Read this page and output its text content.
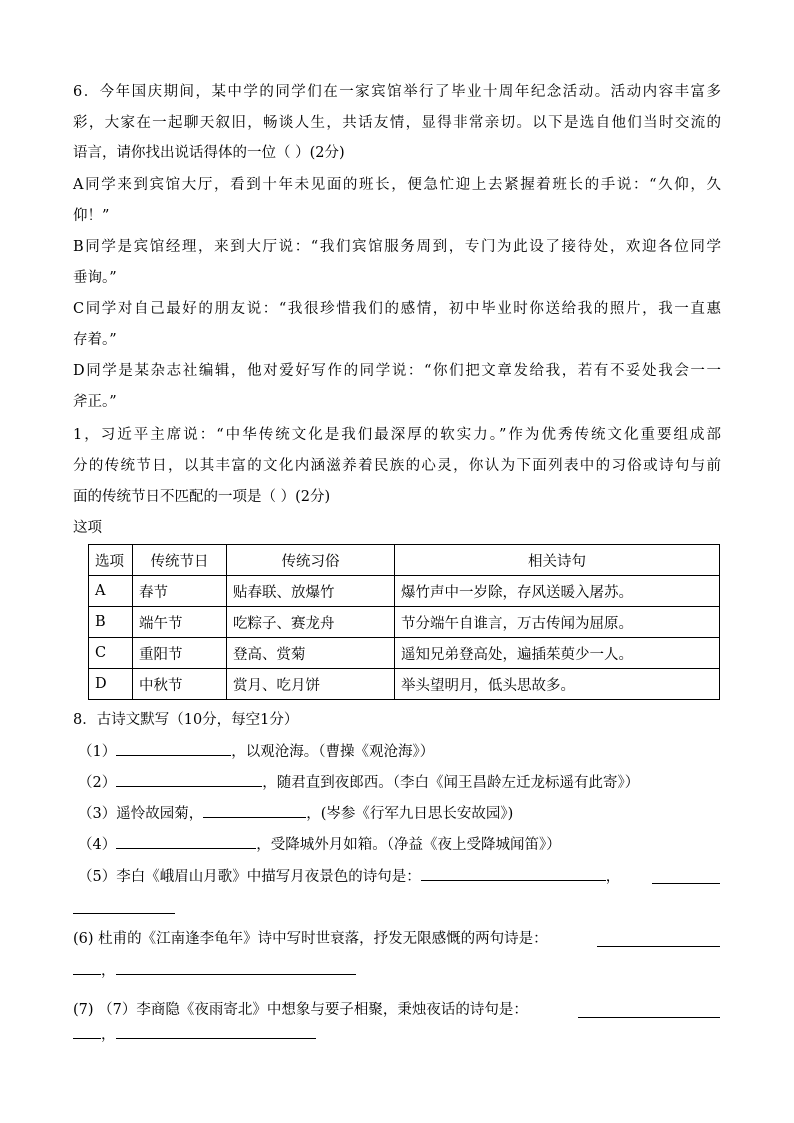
6．今年国庆期间，某中学的同学们在一家宾馆举行了毕业十周年纪念活动。活动内容丰富多
彩，大家在一起聊天叙旧，畅谈人生，共话友情，显得非常亲切。以下是选自他们当时交流的
语言，请你找出说话得体的一位（ ）(2分)
A同学来到宾馆大厅，看到十年未见面的班长，便急忙迎上去紧握着班长的手说：“久仰，久
仰！”
B同学是宾馆经理，来到大厅说：“我们宾馆服务周到，专门为此设了接待处，欢迎各位同学
垂询。”
C同学对自己最好的朋友说：“我很珍惜我们的感情，初中毕业时你送给我的照片，我一直惠
存着。”
D同学是某杂志社编辑，他对爱好写作的同学说：“你们把文章发给我，若有不妥处我会一一
斧正。”
1，习近平主席说：“中华传统文化是我们最深厚的软实力。”作为优秀传统文化重要组成部
分的传统节日，以其丰富的文化内涵滋养着民族的心灵，你认为下面列表中的习俗或诗句与前
面的传统节日不匹配的一项是（ ）(2分)
这项
选项	传统节日	传统习俗	相关诗句
A	春节	贴春联、放爆竹	爆竹声中一岁除，存风送暖入屠苏。
B	端午节	吃粽子、赛龙舟	节分端午自谁言，万古传闻为屈原。
C	重阳节	登高、赏菊	遥知兄弟登高处，遍插茱萸少一人。
D	中秋节	赏月、吃月饼	举头望明月，低头思故多。
8．古诗文默写（10分，每空1分）
（1）	，以观沧海。（曹操《观沧海》）
（2）	，随君直到夜郎西。（李白《闻王昌龄左迁龙标遥有此寄》）
（3）遥怜故园菊，	，(岑参《行军九日思长安故园》)
（4）	，受降城外月如箱。（净益《夜上受降城闻笛》）
（5）李白《峨眉山月歌》中描写月夜景色的诗句是：	，
(6) 杜甫的《江南逢李龟年》诗中写时世衰落，抒发无限感慨的两句诗是：
，
(7) （7）李商隐《夜雨寄北》中想象与要子相聚，秉烛夜话的诗句是：
，
